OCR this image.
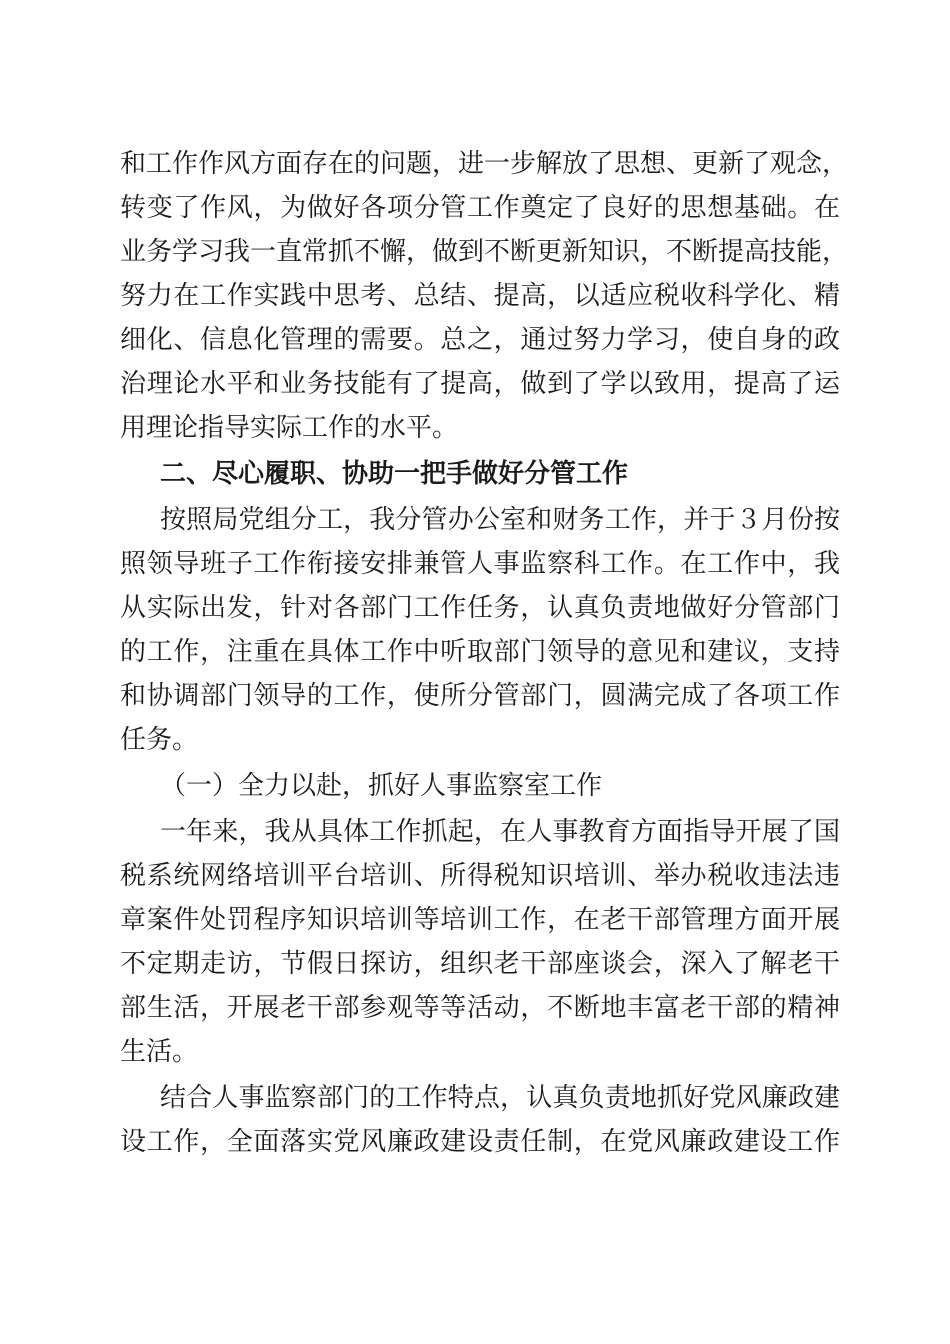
和工作作风方面存在的问题，进一步解放了思想、更新了观念，
转变了作风，为做好各项分管工作奠定了良好的思想基础。在
业务学习我一直常抓不懈，做到不断更新知识，不断提高技能，
努力在工作实践中思考、总结、提高，以适应税收科学化、精
细化、信息化管理的需要。总之，通过努力学习，使自身的政
治理论水平和业务技能有了提高，做到了学以致用，提高了运
用理论指导实际工作的水平。
二、尽心履职、协助一把手做好分管工作
按照局党组分工，我分管办公室和财务工作，并于３月份按
照领导班子工作衔接安排兼管人事监察科工作。在工作中，我
从实际出发，针对各部门工作任务，认真负责地做好分管部门
的工作，注重在具体工作中听取部门领导的意见和建议，支持
和协调部门领导的工作，使所分管部门，圆满完成了各项工作
任务。
（一）全力以赴，抓好人事监察室工作
一年来，我从具体工作抓起，在人事教育方面指导开展了国
税系统网络培训平台培训、所得税知识培训、举办税收违法违
章案件处罚程序知识培训等培训工作，在老干部管理方面开展
不定期走访，节假日探访，组织老干部座谈会，深入了解老干
部生活，开展老干部参观等等活动，不断地丰富老干部的精神
生活。
结合人事监察部门的工作特点，认真负责地抓好党风廉政建
设工作，全面落实党风廉政建设责任制，在党风廉政建设工作
